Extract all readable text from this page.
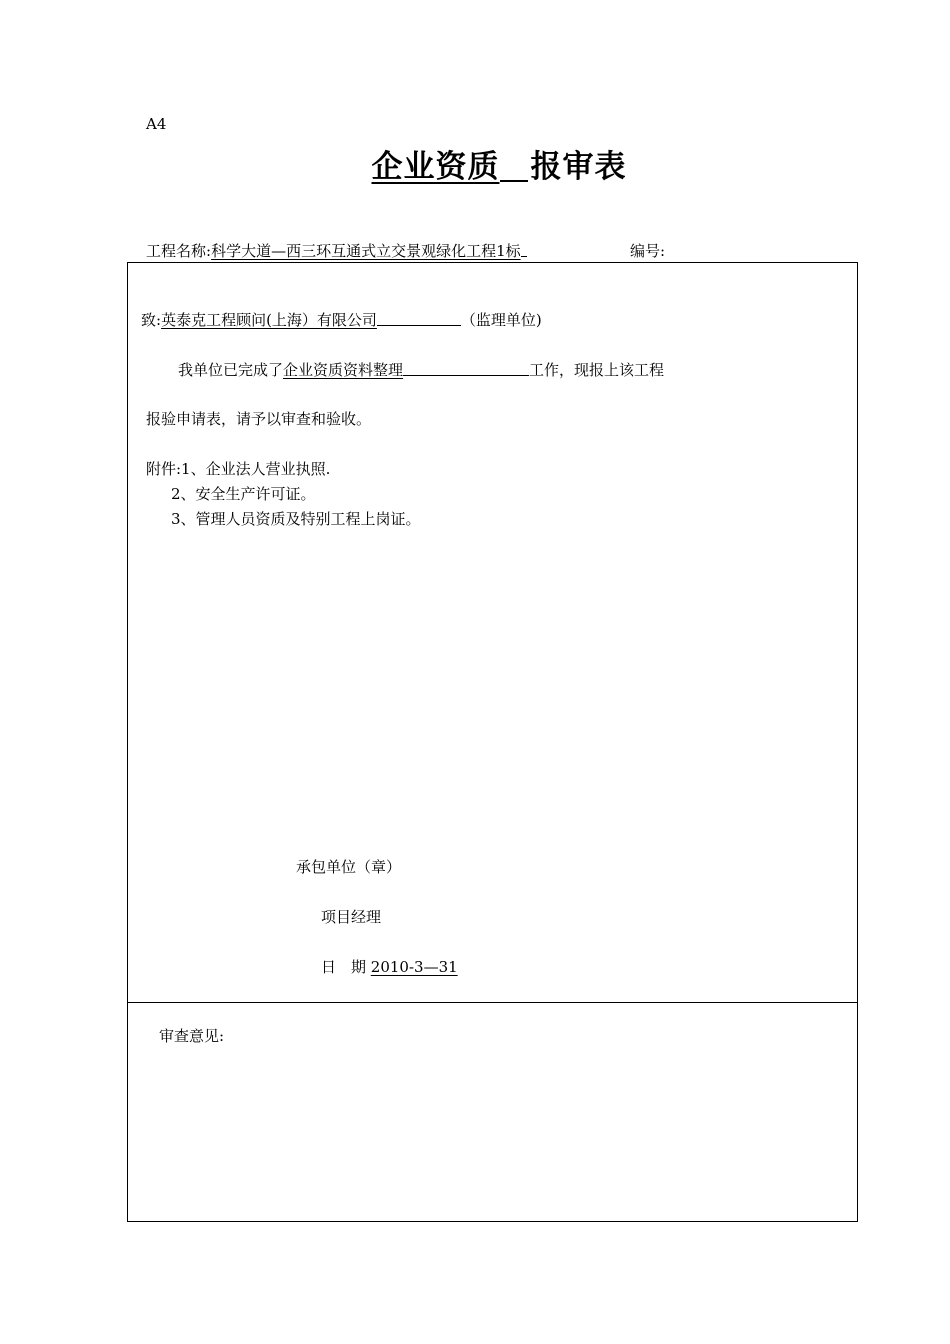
A4
企业资质 报审表
工程名称:科学大道—西三环互通式立交景观绿化工程1标	编号:
致:英泰克工程顾问(上海）有限公司	（监理单位)
我单位已完成了企业资质资料整理	工作，现报上该工程
报验申请表，请予以审查和验收。
附件:1、企业法人营业执照.
2、安全生产许可证。
3、管理人员资质及特别工程上岗证。
承包单位（章）
项目经理
日　期 2010-3—31
审查意见:
